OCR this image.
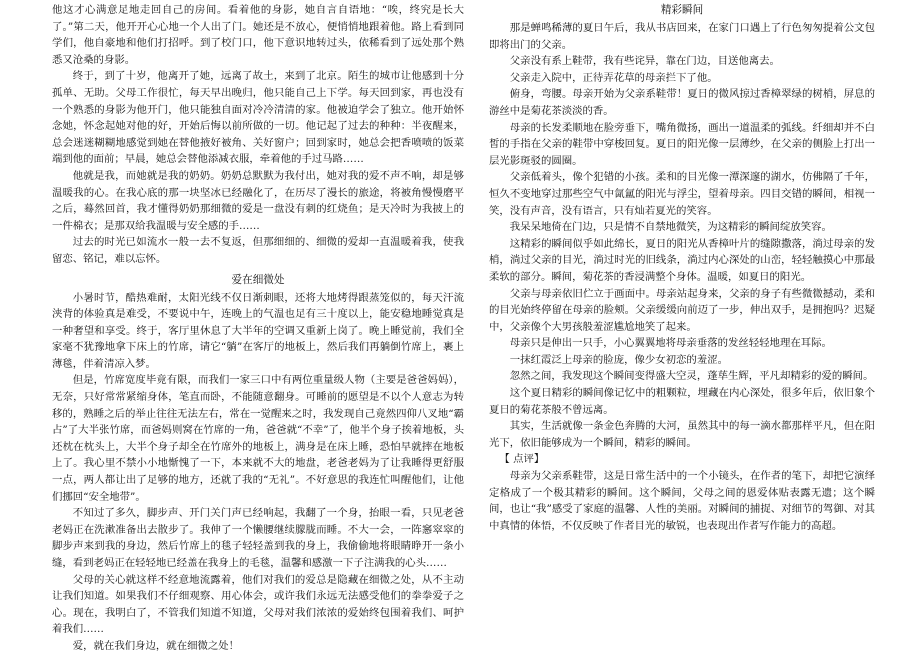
.jin

他这才心满意足地走回自己的房间。看着他的身影，她自言自语地：“唉，终究是长大了。”第二天，他开开心心地一个人出了门。她还是不放心，便悄悄地跟着他。路上看到同学们，他自豪地和他们打招呼。到了校门口，他下意识地转过头，依稀看到了远处那个熟悉又沧桑的身影。

终于，到了十岁，他离开了她，远离了故土，来到了北京。陌生的城市让他感到十分孤单、无助。父母工作很忙，每天早出晚归，他只能自己上下学。每天回到家，再也没有一个熟悉的身影为他开门，他只能独自面对冷冷清清的家。他被迫学会了独立。他开始怀念她，怀念起她对他的好，开始后悔以前所做的一切。他记起了过去的种种：半夜醒来，总会迷迷糊糊地感觉到她在替他掖好被角、关好窗户；回到家时，她总会把香喷喷的饭菜端到他的面前；早晨，她总会替他添减衣服，牵着他的手过马路……

他就是我，而她就是我的奶奶。奶奶总默默为我付出，她对我的爱不声不响，却是够温暖我的心。在我心底的那一块坚冰已经融化了，在历尽了漫长的旅途，将被角慢慢磨平之后，蓦然回首，我才懂得奶奶那细微的爱是一盘没有刺的红烧鱼；是天冷时为我披上的一件棉衣；是那双给我温暖与安全感的手……

过去的时光已如流水一般一去不复返，但那细细的、细微的爱却一直温暖着我，使我留恋、铭记，难以忘怀。

爱在细微处

小暑时节，酷热难耐，太阳光线不仅日渐刺眼，还将大地烤得跟蒸笼似的，每天汗流浃背的体验真是难受，不要说中午，连晚上的气温也足有三十度以上，能安稳地睡觉真是一种奢望和享受。终于，客厅里休息了大半年的空调又重新上岗了。晚上睡觉前，我们全家毫不犹豫地拿下床上的竹席，请它“躺”在客厅的地板上，然后我们再躺倒竹席上，裹上薄毯，伴着清凉入梦。

但是，竹席宽度毕竟有限，而我们一家三口中有两位重量级人物（主要是爸爸妈妈），无奈，只好常常紧缩身体，笔直而卧，不能随意翻身。可睡前的愿望是不以个人意志为转移的，熟睡之后的举止往往无法左右，常在一觉醒来之时，我发现自己竟然四仰八叉地“霸占”了大半张竹席，而爸妈则窝在竹席的一角，爸爸就“不幸”了，他半个身子挨着地板，头还枕在枕头上，大半个身子却全在竹席外的地板上，满身是在床上睡，恐怕早就摔在地板上了。我心里不禁小小地惭愧了一下，本来就不大的地盘，老爸老妈为了让我睡得更舒服一点，两人都让出了足够的地方，还就了我的“无礼”。不好意思的我连忙叫醒他们，让他们挪回“安全地带”。

不知过了多久，脚步声、开门关门声已经响起，我翻了一个身，抬眼一看，只见老爸老妈正在洗漱准备出去散步了。我伸了一个懒腰继续朦胧而睡。不大一会，一阵窸窣窣的脚步声来到我的身边，然后竹席上的毯子轻轻盖到我的身上，我偷偷地将眼睛睁开一条小缝，看到老妈正在轻轻地已经盖在我身上的毛毯，温馨和感激一下子注满我的心头……

父母的关心就这样不经意地流露着，他们对我们的爱总是隐藏在细微之处，从不主动让我们知道。如果我们不仔细观察、用心体会，或许我们永远无法感受他们的拳拳爱子之心。现在，我明白了，不管我们知道不知道，父母对我们浓浓的爱始终包围着我们、呵护着我们……

爱，就在我们身边，就在细微之处！

精彩瞬间

那是蝉鸣稀薄的夏日午后，我从书店回来，在家门口遇上了行色匆匆提着公文包即将出门的父亲。

父亲没有系上鞋带，我有些诧异，靠在门边，目送他离去。

父亲走入院中，正待弄花草的母亲拦下了他。

俯身，弯腰。母亲开始为父亲系鞋带！夏日的微风掠过香樟翠绿的树梢，屏息的游丝中是菊花茶淡淡的香。

母亲的长发柔顺地在脸旁垂下，嘴角微扬，画出一道温柔的弧线。纤细却并不白皙的手指在父亲的鞋带中穿梭回复。夏日的阳光像一层薄纱，在父亲的侧脸上打出一层光影斑驳的圆圈。

父亲低着头，像个犯错的小孩。柔和的目光像一潭深邃的湖水，仿佛隔了千年，恒久不变地穿过那些空气中氤氲的阳光与浮尘，望着母亲。四目交错的瞬间，相视一笑，没有声音，没有语言，只有灿若夏光的笑容。

我呆呆地倚在门边，只是情不自禁地微笑，为这精彩的瞬间绽放笑容。

这精彩的瞬间似乎如此绵长，夏日的阳光从香樟叶片的缝隙撒落，淌过母亲的发梢，淌过父亲的目光，淌过时光的旧线条，淌过内心深处的山峦，轻轻触摸心中那最柔软的部分。瞬间，菊花茶的香浸满整个身体。温暖，如夏日的阳光。

父亲与母亲依旧伫立于画面中。母亲站起身来，父亲的身子有些微微撼动，柔和的目光始终停留在母亲的脸颊。父亲缓缓向前迈了一步，伸出双手，是拥抱吗？迟疑中，父亲像个大男孩般羞涩尴尬地笑了起来。

母亲只是伸出一只手，小心翼翼地将母亲垂落的发丝轻轻地理在耳际。

一抹红霞泛上母亲的脸庞，像少女初恋的羞涩。

忽然之间，我发现这个瞬间变得盛大空灵，蓬荜生辉，平凡却精彩的爱的瞬间。

这个夏日精彩的瞬间像记忆中的粗颗粒，埋藏在内心深处，很多年后，依旧象个夏日的菊花茶般不曾远离。

其实，生活就像一条金色奔腾的大河，虽然其中的每一滴水都那样平凡，但在阳光下，依旧能够成为一个瞬间，精彩的瞬间。

【 点评】

母亲为父亲系鞋带，这是日常生活中的一个小镜头，在作者的笔下，却把它演绎定格成了一个极其精彩的瞬间。这个瞬间，父母之间的恩爱体贴表露无遗；这个瞬间，也让“我”感受了家庭的温馨、人性的美丽。对瞬间的捕捉、对细节的驾御、对其中真情的体悟，不仅反映了作者目光的敏锐，也表现出作者写作能力的高超。
